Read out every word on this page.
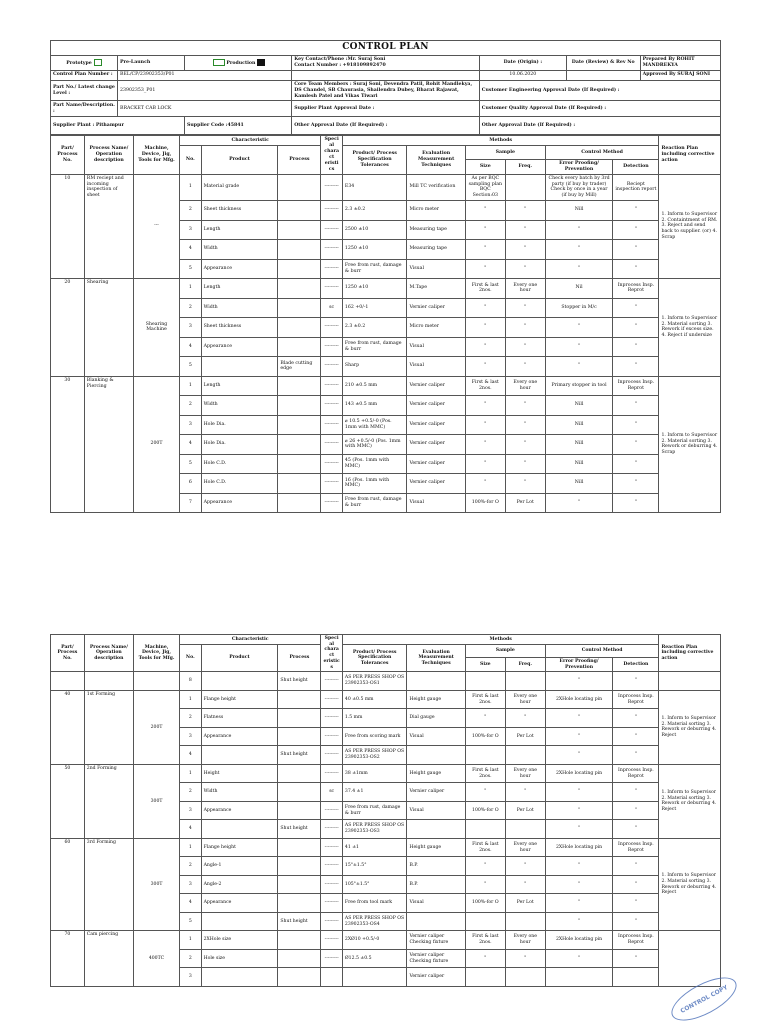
CONTROL PLAN						
Prototype	Pre-Launch	Production	Key Contact/Phone :Mr. Suraj Soni
Contact Number : +918109892470	Date (Origin) :	Date (Review) & Rev No	Prepared By ROHIT MANDREKYA
Control Plan Number :	BEL/CP/23902353/P01			10.06.2020		Approved By SURAJ SONI
Part No./ Latest change Level :	23902353_P01		Core Team Members : Suraj Soni, Devendra Patil, Rohit Mandlekya, DS Chandel, SB Chaurasia, Shailendra Dubey, Bharat Rajawat, Kamlesh Patel and Vikas Tiwari	Customer Engineering Approval Date (If Required) :		
Part Name/Description. :	BRACKET CAB LOCK		Supplier Plant Approval Date :	Customer Quality Approval Date (If Required) :		
Supplier Plant : Pithampur		Supplier Code :45841	Other Approval Date (If Required) :	Other Approval Date (If Required) :		
Part/ Process No.	Process Name/ Operation description	Machine, Device, Jig, Tools for Mfg.	Characteristic			Special charact eristics	Methods						Reaction Plan including corrective action
			No.	Product	Process		Product/ Process Specification Tolerances	Evaluation Measurement Techniques	Sample		Control Method		
									Size	Freq.	Error Proofing/ Prevention	Detection	
10	RM reciept and incoming inspection of sheet	---	1	Material grade		---------	E34	Mill TC verification	As per BQC sampling plan BQC Section:03		Check every batch by 3rd party (if buy by trader) Check by once in a year (if buy by Mill)	Reciept inspection report	1. Inform to Supervisor 2. Containtment of RM. 3. Reject and send back to supplier. (or) 4. Scrap
			2	Sheet thickness		---------	2.3 ±0.2	Micro meter	"	"	Nill	"	
			3	Length		---------	2500 ±10	Measuring tape	"	"	"	"	
			4	Width		---------	1250 ±10	Measuring tape	"	"	"	"	
			5	Appearance		---------	Free from rust, damage & burr	Visual	"	"	"	"	
20	Shearing	Shearing Machine	1	Length		---------	1250 ±10	M.Tape	First & last 2nos.	Every one hour	Nil	Inprocess Insp. Reprot	1. Inform to Supervisor 2. Material sorting 3. Rework if excess size. 4. Reject if undersize
			2	Width		sc	162 +0/-1	Vernier caliper	"	"	Stopper in M/c	"	
			3	Sheet thickness		---------	2.3 ±0.2	Micro meter	"	"	"	"	
			4	Appearance		---------	Free from rust, damage & burr	Visual	"	"	"	"	
			5		Blade cutting edge	---------	Sharp	Visual	"	"	"	"	
30	Blanking & Piercing	200T	1	Length		---------	210 ±0.5 mm	Vernier caliper	First & last 2nos.	Every one hour	Primary stopper in tool	Inprocess Insp. Reprot	1. Inform to Supervisor 2. Material sorting 3. Rework or deburring 4. Scrap
			2	Width		---------	143 ±0.5 mm	Vernier caliper	"	"	Nill	"	
			3	Hole Dia.		---------	⌀ 10.5 +0.5/-0 (Pos. 1mm with MMC)	Vernier caliper	"	"	Nill	"	
			4	Hole Dia.		---------	⌀ 26 +0.5/-0 (Pos. 1mm with MMC)	Vernier caliper	"	"	Nill	"	
			5	Hole C.D.		---------	45 (Pos. 1mm with MMC)	Vernier caliper	"	"	Nill	"	
			6	Hole C.D.		---------	16 (Pos. 1mm with MMC)	Vernier caliper	"	"	Nill	"	
			7	Appearance		---------	Free from rust, damage & burr	Visual	100%-for O	Per Lot	"	"	
Part/ Process No.	Process Name/ Operation description	Machine, Device, Jig, Tools for Mfg.	Characteristic			Special charact eristics	Methods						Reaction Plan including corrective action
			No.	Product	Process		Product/ Process Specification Tolerances	Evaluation Measurement Techniques	Sample		Control Method		
									Size	Freq.	Error Proofing/ Prevention	Detection	
			8		Shut height	---------	AS PER PRESS SHOP OS 23902353-OS1				"	"	
40	1st Forming	200T	1	Flange height		---------	40 ±0.5 mm	Height gauge	First & last 2nos.	Every one hour	2XHole locating pin	Inprocess Insp. Reprot	1. Inform to Supervisor 2. Material sorting 3. Rework or deburring 4. Reject
			2	Flatness		---------	1.5 mm	Dial gauge	"	"	"	"	
			3	Appearance		---------	Free from scoring mark	Visual	100%-for O	Per Lot	"	"	
			4		Shut height	---------	AS PER PRESS SHOP OS 23902353-OS2				"	"	
50	2nd Forming	300T	1	Height		---------	38 ±1mm	Height gauge	First & last 2nos.	Every one hour	2XHole locating pin	Inprocess Insp. Reprot	1. Inform to Supervisor 2. Material sorting 3. Rework or deburring 4. Reject
			2	Width		sc	37.4 ±1	Vernier caliper	"	"	"	"	
			3	Appearance		---------	Free from rust, damage & burr	Visual	100%-for O	Per Lot	"	"	
			4		Shut height	---------	AS PER PRESS SHOP OS 23902353-OS3				"	"	
60	3rd Forming	300T	1	Flange height		---------	41 ±1	Height gauge	First & last 2nos.	Every one hour	2XHole locating pin	Inprocess Insp. Reprot	1. Inform to Supervisor 2. Material sorting 3. Rework or deburring 4. Reject
			2	Angle-1		---------	15°±1.5°	B.P.	"	"	"	"	
			3	Angle-2		---------	105°±1.5°	B.P.	"	"	"	"	
			4	Appearance		---------	Free from tool mark	Visual	100%-for O	Per Lot	"	"	
			5		Shut height	---------	AS PER PRESS SHOP OS 23902353-OS4				"	"	
70	Cam piercing	400TC	1	2XHole size		---------	2XØ10 +0.5/-0	Vernier caliper Checking fixture	First & last 2nos.	Every one hour	2XHole locating pin	Inprocess Insp. Reprot	
			2	Hole size		---------	Ø12.5 ±0.5	Vernier caliper Checking fixture	"	"	"	"	
			3					Vernier caliper					
CONTROL COPY
